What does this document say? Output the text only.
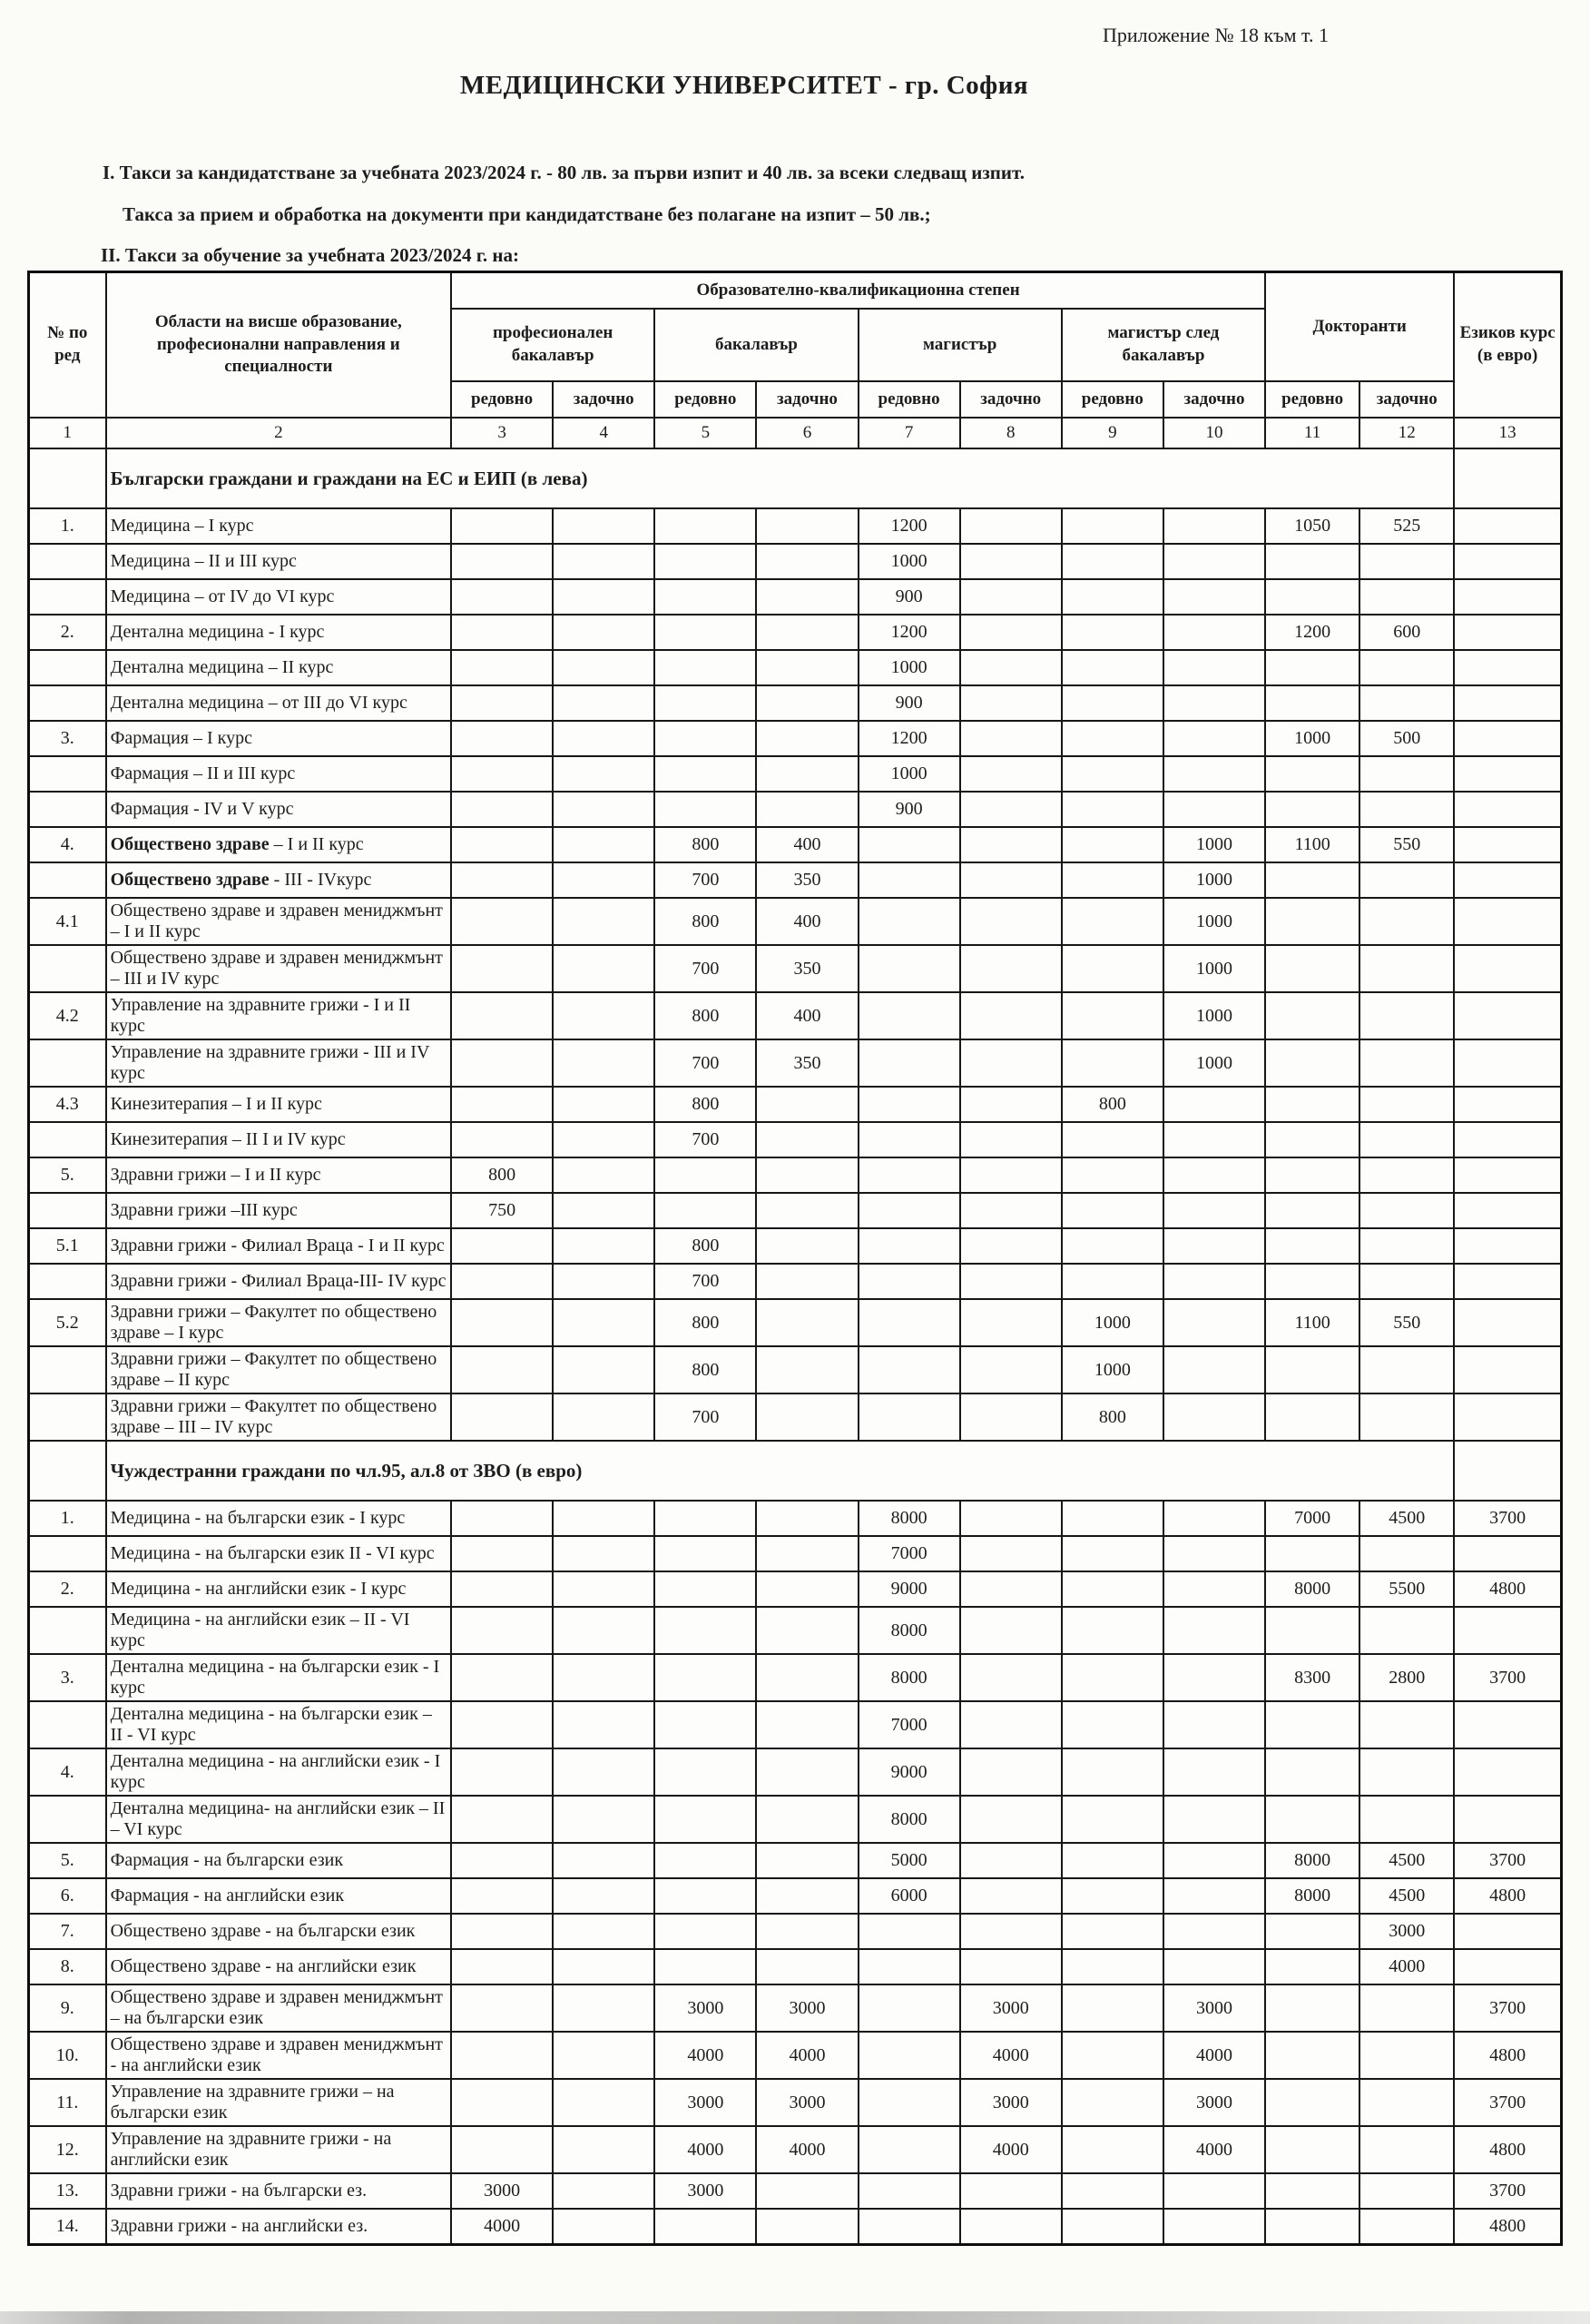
Приложение № 18 към т. 1
МЕДИЦИНСКИ УНИВЕРСИТЕТ - гр. София
I. Такси за кандидатстване за учебната 2023/2024 г. - 80 лв. за първи изпит и 40 лв. за всеки следващ изпит.
Такса за прием и обработка на документи при кандидатстване без полагане на изпит – 50 лв.;
II. Такси за обучение за учебната 2023/2024 г. на:
№ по ред	Области на висше образование, професионални направления и специалности	Образователно-квалификационна степен								Докторанти		Езиков курс (в евро)
		професионален бакалавър		бакалавър		магистър		магистър след бакалавър				
		редовно	задочно	редовно	задочно	редовно	задочно	редовно	задочно	редовно	задочно	
1	2	3	4	5	6	7	8	9	10	11	12	13
	Български граждани и граждани на ЕС и ЕИП (в лева)											
1.	Медицина – I курс					1200				1050	525	
	Медицина – II и III курс					1000						
	Медицина – от IV до VI курс					900						
2.	Дентална медицина - I курс					1200				1200	600	
	Дентална медицина – II курс					1000						
	Дентална медицина – от III до VI курс					900						
3.	Фармация – I курс					1200				1000	500	
	Фармация – II и III курс					1000						
	Фармация - IV и V курс					900						
4.	Обществено здраве – I и II курс			800	400				1000	1100	550	
	Обществено здраве - III - IVкурс			700	350				1000			
4.1	Обществено здраве и здравен мениджмънт – I и II курс			800	400				1000			
	Обществено здраве и здравен мениджмънт – III и IV курс			700	350				1000			
4.2	Управление на здравните грижи - I и II курс			800	400				1000			
	Управление на здравните грижи - III и IV курс			700	350				1000			
4.3	Кинезитерапия – I и II курс			800				800				
	Кинезитерапия – II I и IV курс			700								
5.	Здравни грижи – I и II курс	800										
	Здравни грижи –III курс	750										
5.1	Здравни грижи - Филиал Враца - I и II курс			800								
	Здравни грижи - Филиал Враца-III- IV курс			700								
5.2	Здравни грижи – Факултет по обществено здраве – I курс			800				1000		1100	550	
	Здравни грижи – Факултет по обществено здраве – II курс			800				1000				
	Здравни грижи – Факултет по обществено здраве – III – IV курс			700				800				
	Чуждестранни граждани по чл.95, ал.8 от ЗВО (в евро)											
1.	Медицина - на български език - I курс					8000				7000	4500	3700
	Медицина - на български език II - VI курс					7000						
2.	Медицина - на английски език - I курс					9000				8000	5500	4800
	Медицина - на английски език – II - VI курс					8000						
3.	Дентална медицина - на български език - I курс					8000				8300	2800	3700
	Дентална медицина - на български език – II - VI курс					7000						
4.	Дентална медицина - на английски език - I курс					9000						
	Дентална медицина- на английски език – II – VI курс					8000						
5.	Фармация - на български език					5000				8000	4500	3700
6.	Фармация - на английски език					6000				8000	4500	4800
7.	Обществено здраве - на български език										3000	
8.	Обществено здраве - на английски език										4000	
9.	Обществено здраве и здравен мениджмънт – на български език			3000	3000		3000		3000			3700
10.	Обществено здраве и здравен мениджмънт - на английски език			4000	4000		4000		4000			4800
11.	Управление на здравните грижи – на български език			3000	3000		3000		3000			3700
12.	Управление на здравните грижи - на английски език			4000	4000		4000		4000			4800
13.	Здравни грижи - на български ез.	3000		3000								3700
14.	Здравни грижи - на английски ез.	4000										4800
